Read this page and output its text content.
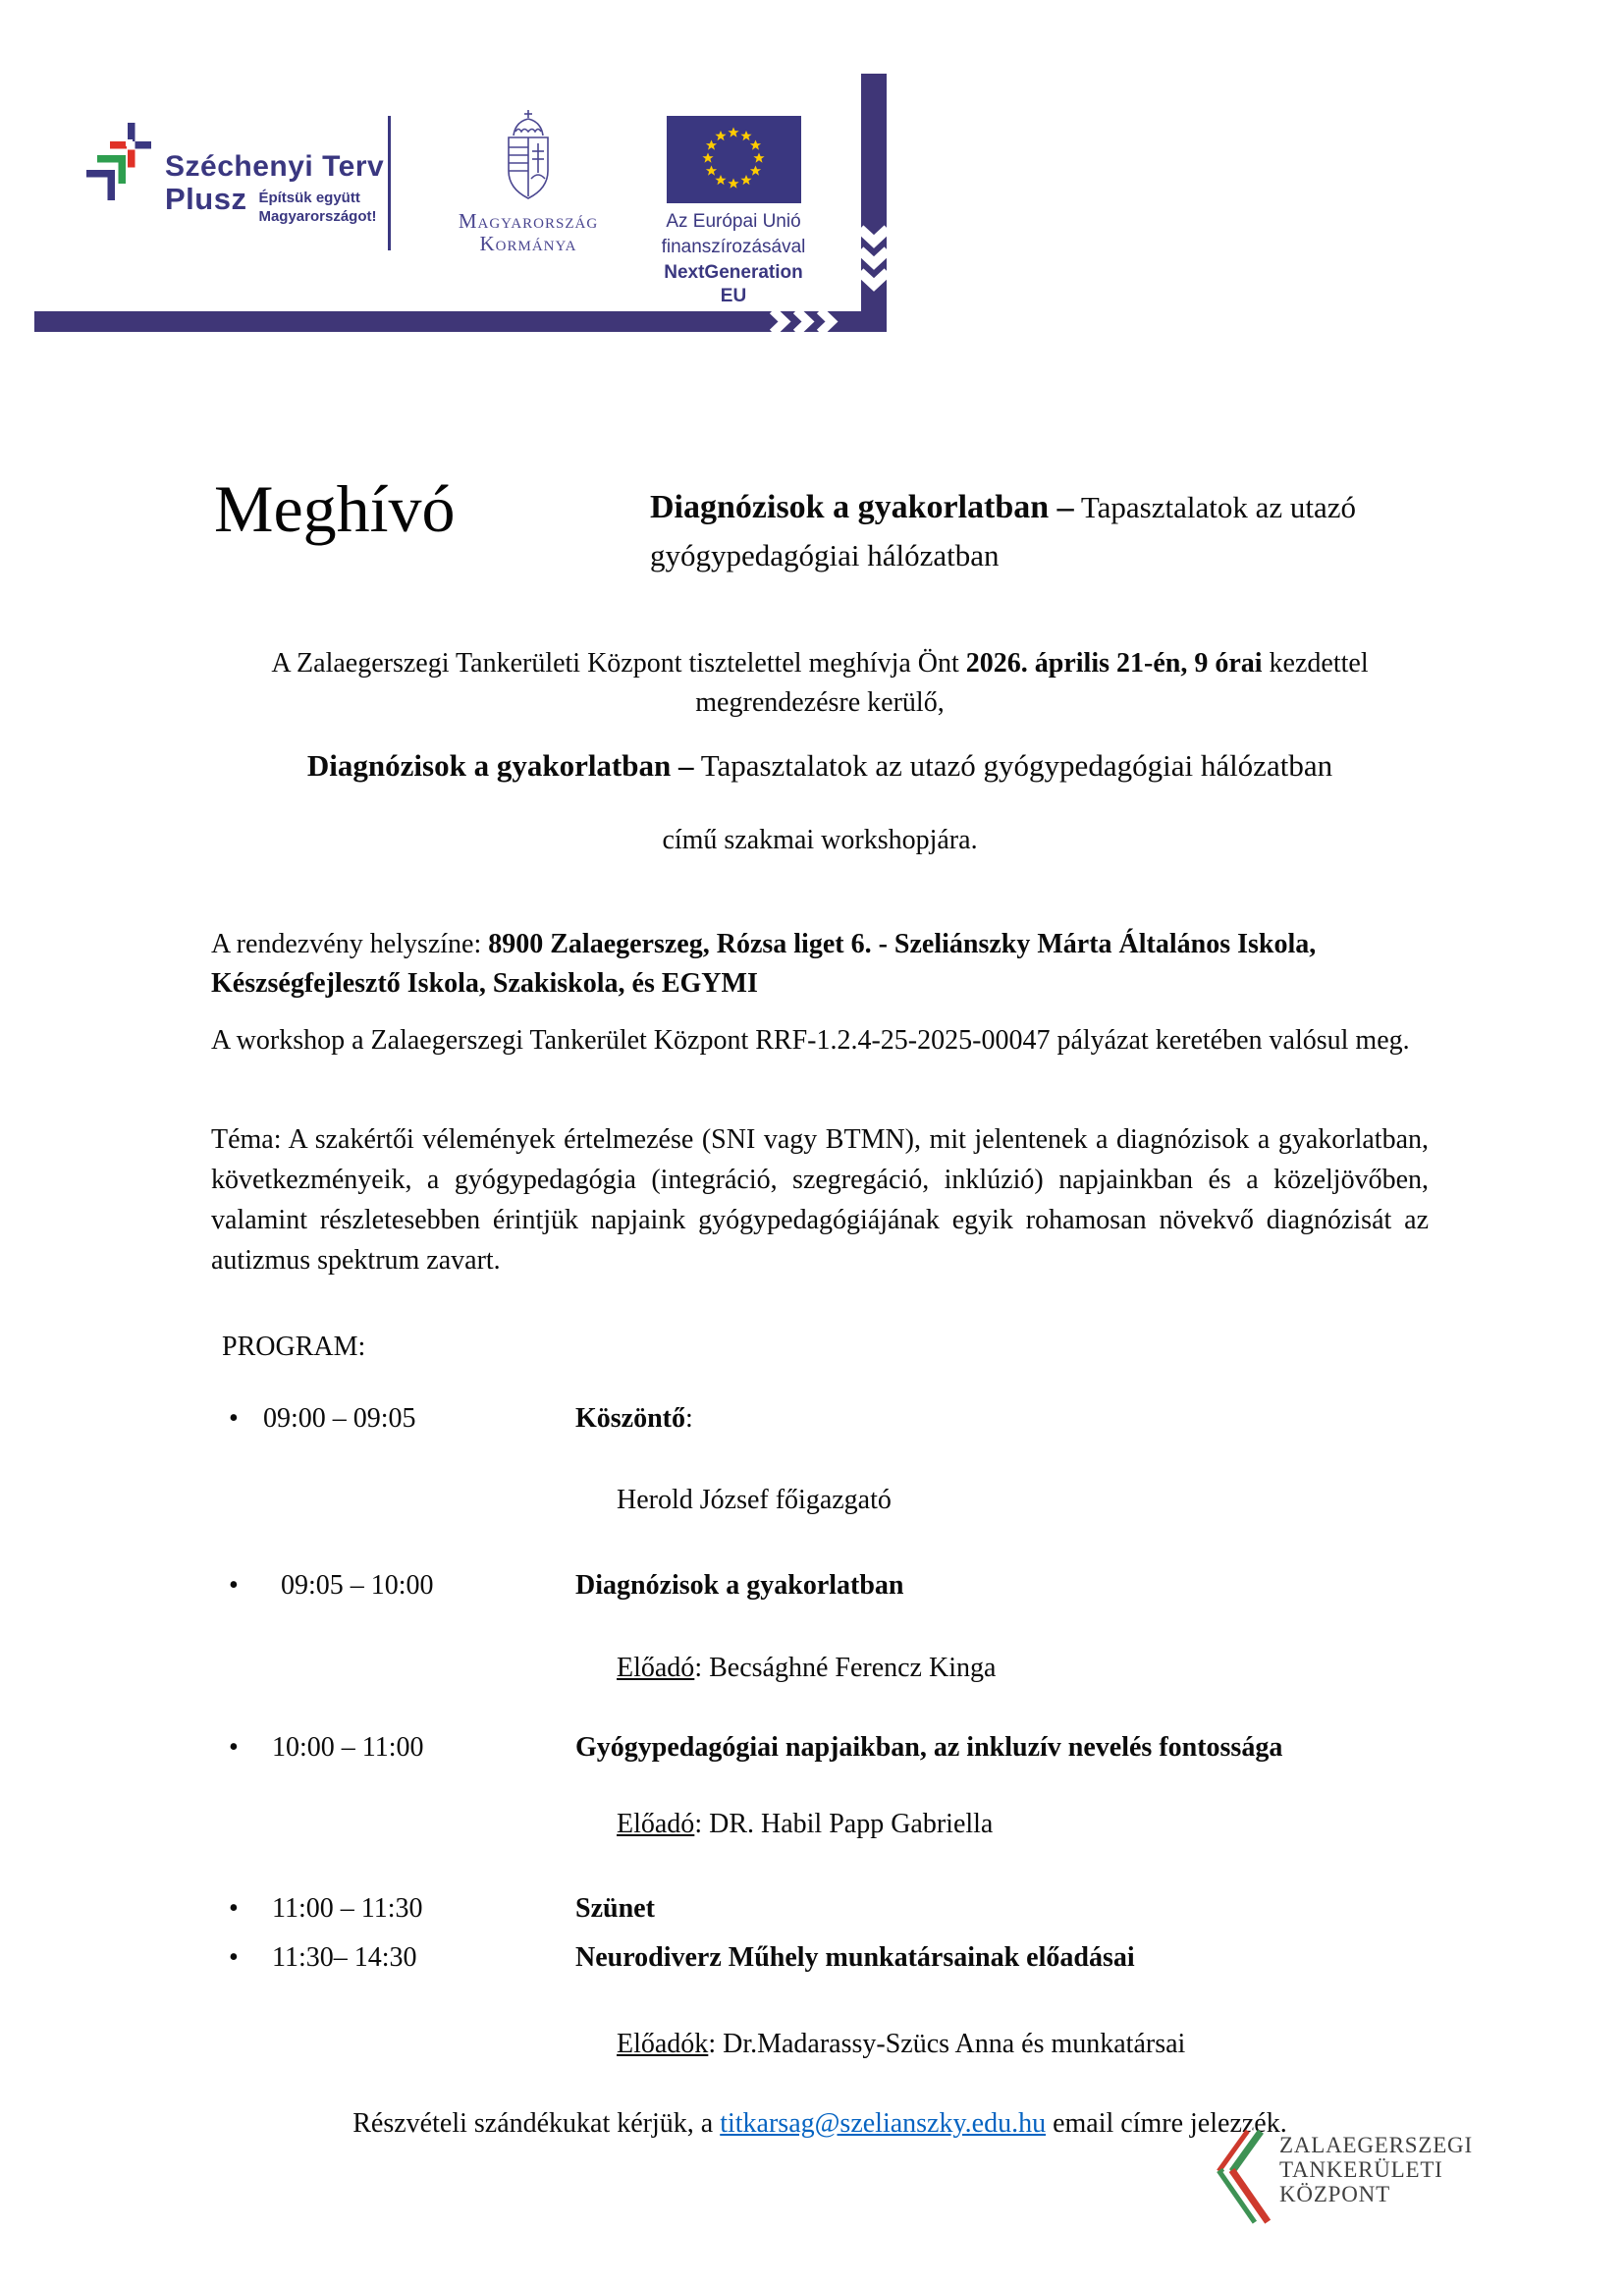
Széchenyi Terv
Plusz Építsük együtt
Magyarországot!	Magyarország
Kormánya
Az Európai Unió
finanszírozásával
NextGeneration EU
Meghívó	Diagnózisok a gyakorlatban – Tapasztalatok az utazó gyógypedagógiai hálózatban
A Zalaegerszegi Tankerületi Központ tisztelettel meghívja Önt 2026. április 21-én, 9 órai kezdettel megrendezésre kerülő,
Diagnózisok a gyakorlatban – Tapasztalatok az utazó gyógypedagógiai hálózatban
című szakmai workshopjára.
A rendezvény helyszíne: 8900 Zalaegerszeg, Rózsa liget 6. - Szeliánszky Márta Általános Iskola, Készségfejlesztő Iskola, Szakiskola, és EGYMI
A workshop a Zalaegerszegi Tankerület Központ RRF-1.2.4-25-2025-00047 pályázat keretében valósul meg.
Téma: A szakértői vélemények értelmezése (SNI vagy BTMN), mit jelentenek a diagnózisok a gyakorlatban, következményeik, a gyógypedagógia (integráció, szegregáció, inklúzió) napjainkban és a közeljövőben, valamint részletesebben érintjük napjaink gyógypedagógiájának egyik rohamosan növekvő diagnózisát az autizmus spektrum zavart.
PROGRAM:
• 09:00 – 09:05	Köszöntő:
Herold József főigazgató
• 09:05 – 10:00	Diagnózisok a gyakorlatban
Előadó: Becsághné Ferencz Kinga
• 10:00 – 11:00	Gyógypedagógiai napjaikban, az inkluzív nevelés fontossága
Előadó: DR. Habil Papp Gabriella
• 11:00 – 11:30	Szünet
• 11:30– 14:30	Neurodiverz Műhely munkatársainak előadásai
Előadók: Dr.Madarassy-Szücs Anna és munkatársai
Részvételi szándékukat kérjük, a titkarsag@szelianszky.edu.hu email címre jelezzék.
ZALAEGERSZEGI
TANKERÜLETI
KÖZPONT
